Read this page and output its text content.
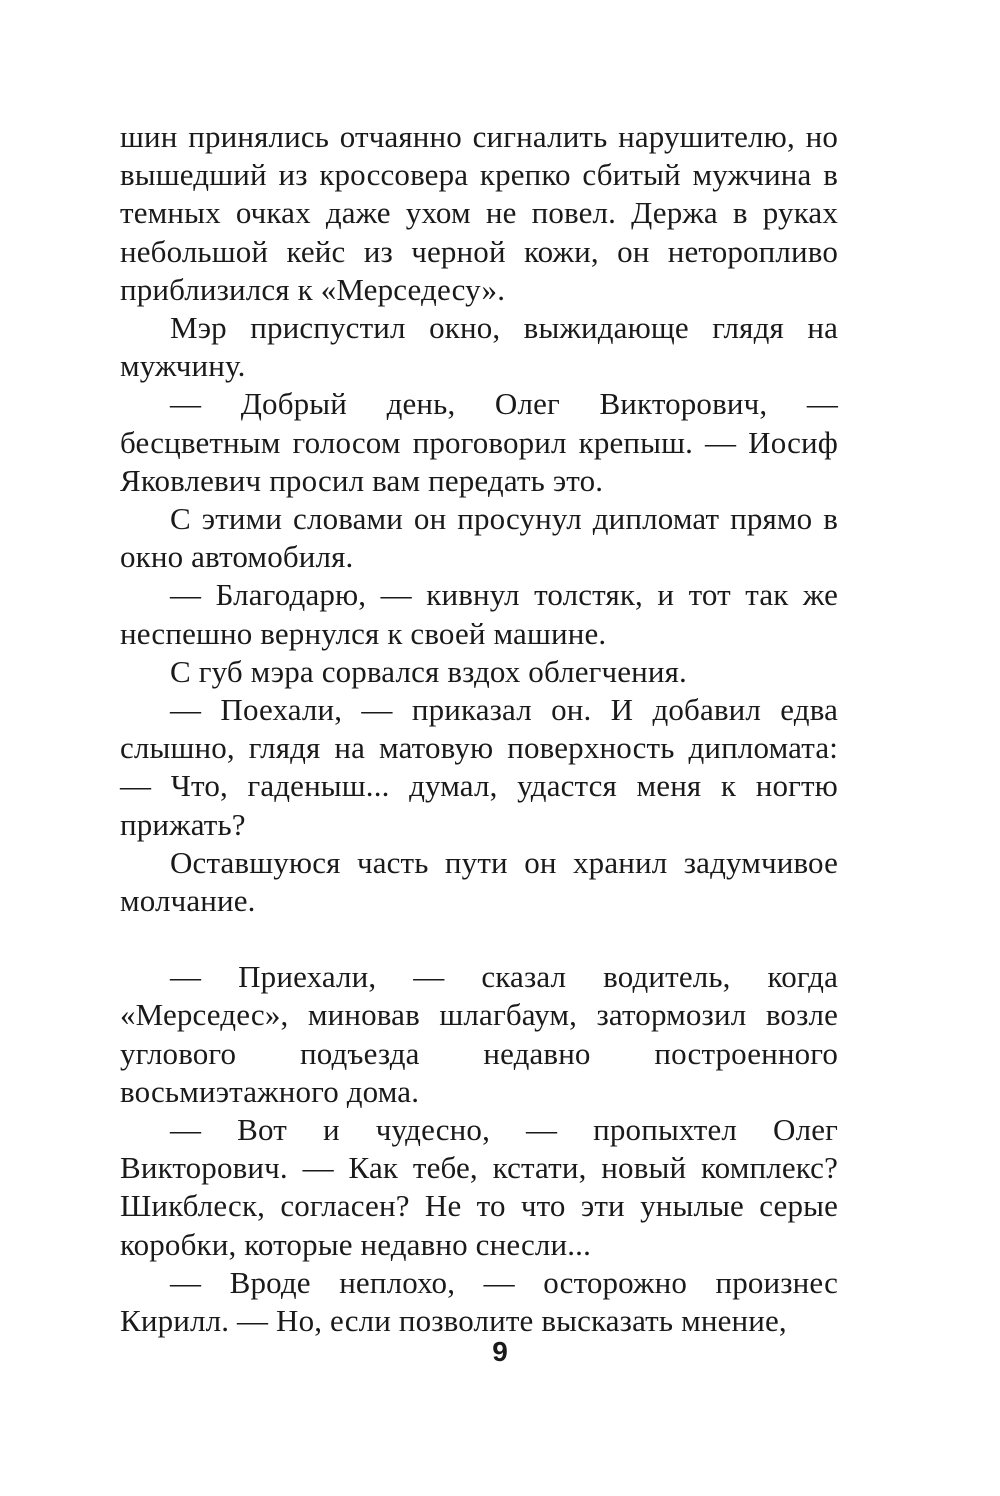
шин принялись отчаянно сигналить нарушителю, но вышедший из кроссовера крепко сбитый мужчина в темных очках даже ухом не повел. Держа в руках небольшой кейс из черной кожи, он неторопливо приблизился к «Мерседесу».

Мэр приспустил окно, выжидающе глядя на мужчину.

— Добрый день, Олег Викторович, — бесцветным голосом проговорил крепыш. — Иосиф Яковлевич просил вам передать это.

С этими словами он просунул дипломат прямо в окно автомобиля.

— Благодарю, — кивнул толстяк, и тот так же неспешно вернулся к своей машине.

С губ мэра сорвался вздох облегчения.

— Поехали, — приказал он. И добавил едва слышно, глядя на матовую поверхность дипломата: — Что, гаденыш... думал, удастся меня к ногтю прижать?

Оставшуюся часть пути он хранил задумчивое молчание.

— Приехали, — сказал водитель, когда «Мерседес», миновав шлагбаум, затормозил возле углового подъезда недавно построенного восьмиэтажного дома.

— Вот и чудесно, — пропыхтел Олег Викторович. — Как тебе, кстати, новый комплекс? Шикблеск, согласен? Не то что эти унылые серые коробки, которые недавно снесли...

— Вроде неплохо, — осторожно произнес Кирилл. — Но, если позволите высказать мнение,

9
